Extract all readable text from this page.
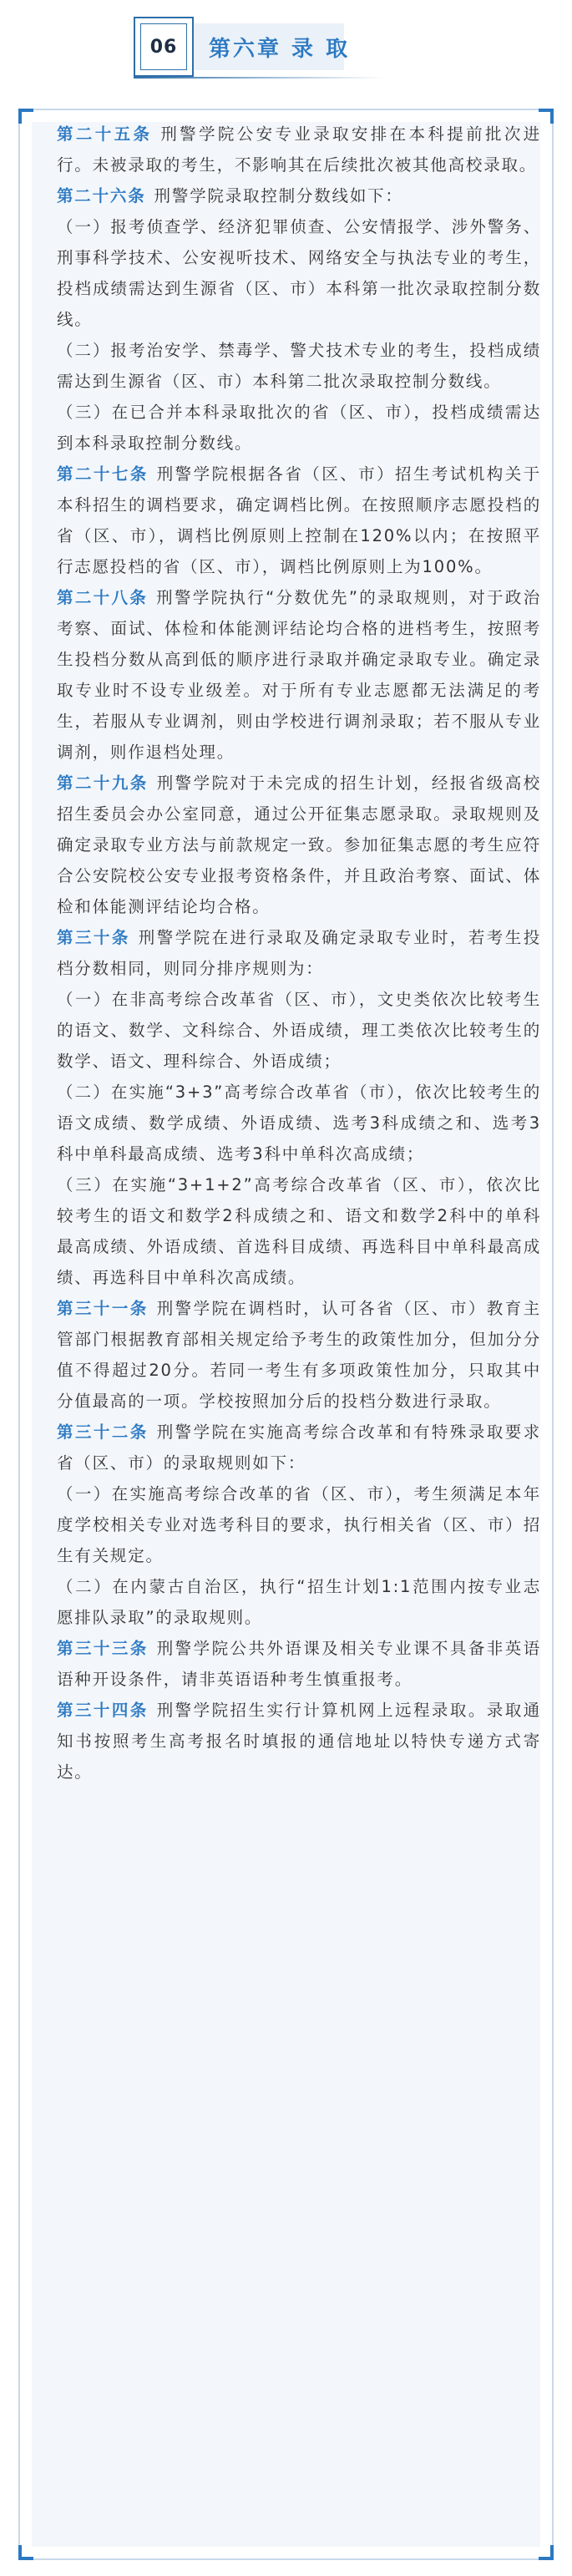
06	第六章 录 取

第二十五条 刑警学院公安专业录取安排在本科提前批次进行。未被录取的考生，不影响其在后续批次被其他高校录取。

第二十六条 刑警学院录取控制分数线如下：

（一）报考侦查学、经济犯罪侦查、公安情报学、涉外警务、刑事科学技术、公安视听技术、网络安全与执法专业的考生，投档成绩需达到生源省（区、市）本科第一批次录取控制分数线。

（二）报考治安学、禁毒学、警犬技术专业的考生，投档成绩需达到生源省（区、市）本科第二批次录取控制分数线。

（三）在已合并本科录取批次的省（区、市），投档成绩需达到本科录取控制分数线。

第二十七条 刑警学院根据各省（区、市）招生考试机构关于本科招生的调档要求，确定调档比例。在按照顺序志愿投档的省（区、市），调档比例原则上控制在120%以内；在按照平行志愿投档的省（区、市），调档比例原则上为100%。

第二十八条 刑警学院执行“分数优先”的录取规则，对于政治考察、面试、体检和体能测评结论均合格的进档考生，按照考生投档分数从高到低的顺序进行录取并确定录取专业。确定录取专业时不设专业级差。对于所有专业志愿都无法满足的考生，若服从专业调剂，则由学校进行调剂录取；若不服从专业调剂，则作退档处理。

第二十九条 刑警学院对于未完成的招生计划，经报省级高校招生委员会办公室同意，通过公开征集志愿录取。录取规则及确定录取专业方法与前款规定一致。参加征集志愿的考生应符合公安院校公安专业报考资格条件，并且政治考察、面试、体检和体能测评结论均合格。

第三十条 刑警学院在进行录取及确定录取专业时，若考生投档分数相同，则同分排序规则为：

（一）在非高考综合改革省（区、市），文史类依次比较考生的语文、数学、文科综合、外语成绩，理工类依次比较考生的数学、语文、理科综合、外语成绩；

（二）在实施“3+3”高考综合改革省（市），依次比较考生的语文成绩、数学成绩、外语成绩、选考3科成绩之和、选考3科中单科最高成绩、选考3科中单科次高成绩；

（三）在实施“3+1+2”高考综合改革省（区、市），依次比较考生的语文和数学2科成绩之和、语文和数学2科中的单科最高成绩、外语成绩、首选科目成绩、再选科目中单科最高成绩、再选科目中单科次高成绩。

第三十一条 刑警学院在调档时，认可各省（区、市）教育主管部门根据教育部相关规定给予考生的政策性加分，但加分分值不得超过20分。若同一考生有多项政策性加分，只取其中分值最高的一项。学校按照加分后的投档分数进行录取。

第三十二条 刑警学院在实施高考综合改革和有特殊录取要求省（区、市）的录取规则如下：

（一）在实施高考综合改革的省（区、市），考生须满足本年度学校相关专业对选考科目的要求，执行相关省（区、市）招生有关规定。

（二）在内蒙古自治区，执行“招生计划1:1范围内按专业志愿排队录取”的录取规则。

第三十三条 刑警学院公共外语课及相关专业课不具备非英语语种开设条件，请非英语语种考生慎重报考。

第三十四条 刑警学院招生实行计算机网上远程录取。录取通知书按照考生高考报名时填报的通信地址以特快专递方式寄达。
